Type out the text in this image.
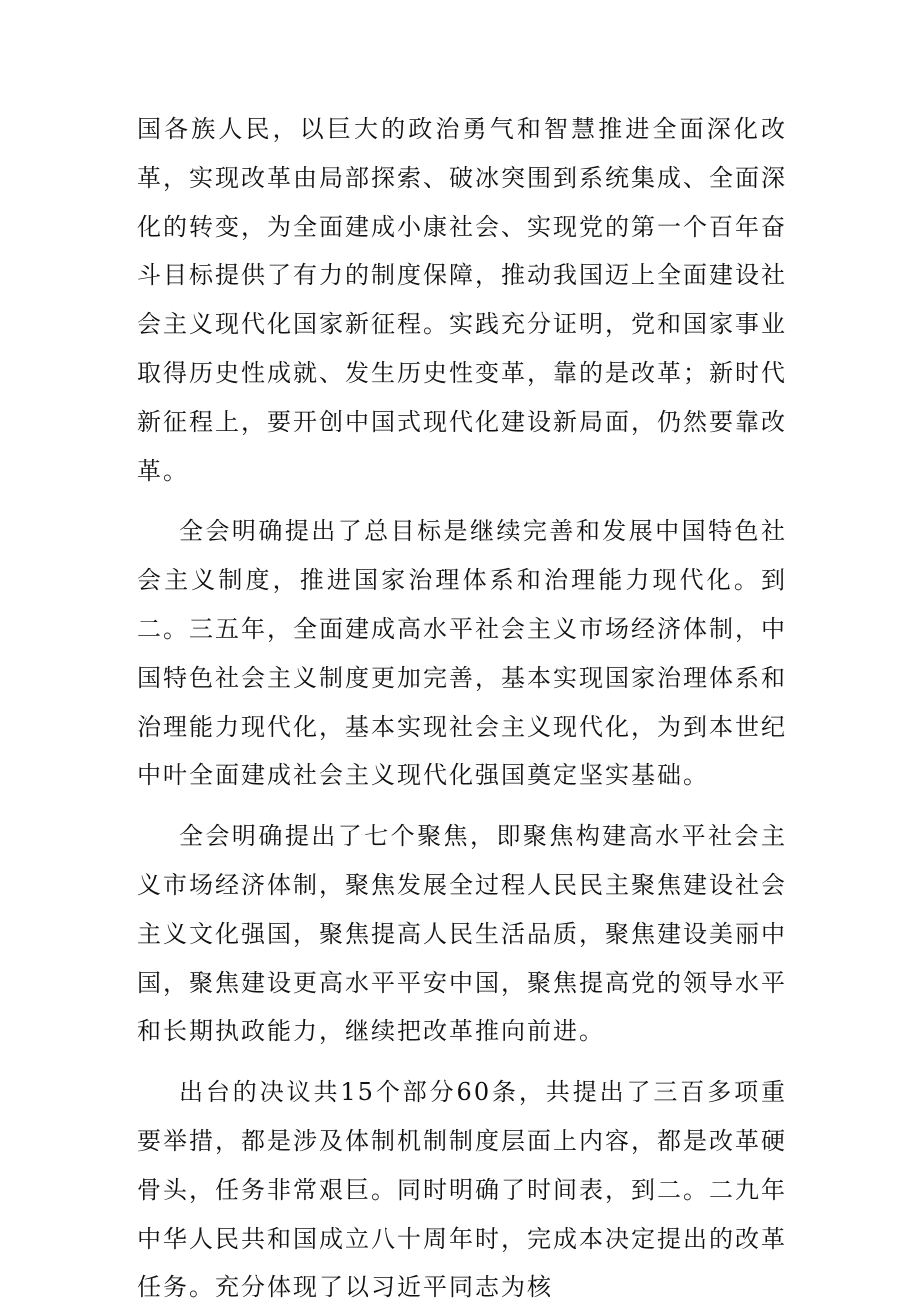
国各族人民，以巨大的政治勇气和智慧推进全面深化改革，实现改革由局部探索、破冰突围到系统集成、全面深化的转变，为全面建成小康社会、实现党的第一个百年奋斗目标提供了有力的制度保障，推动我国迈上全面建设社会主义现代化国家新征程。实践充分证明，党和国家事业取得历史性成就、发生历史性变革，靠的是改革；新时代新征程上，要开创中国式现代化建设新局面，仍然要靠改革。

全会明确提出了总目标是继续完善和发展中国特色社会主义制度，推进国家治理体系和治理能力现代化。到二。三五年，全面建成高水平社会主义市场经济体制，中国特色社会主义制度更加完善，基本实现国家治理体系和治理能力现代化，基本实现社会主义现代化，为到本世纪中叶全面建成社会主义现代化强国奠定坚实基础。

全会明确提出了七个聚焦，即聚焦构建高水平社会主义市场经济体制，聚焦发展全过程人民民主聚焦建设社会主义文化强国，聚焦提高人民生活品质，聚焦建设美丽中国，聚焦建设更高水平平安中国，聚焦提高党的领导水平和长期执政能力，继续把改革推向前进。

出台的决议共15个部分60条，共提出了三百多项重要举措，都是涉及体制机制制度层面上内容，都是改革硬骨头，任务非常艰巨。同时明确了时间表，到二。二九年中华人民共和国成立八十周年时，完成本决定提出的改革任务。充分体现了以习近平同志为核
